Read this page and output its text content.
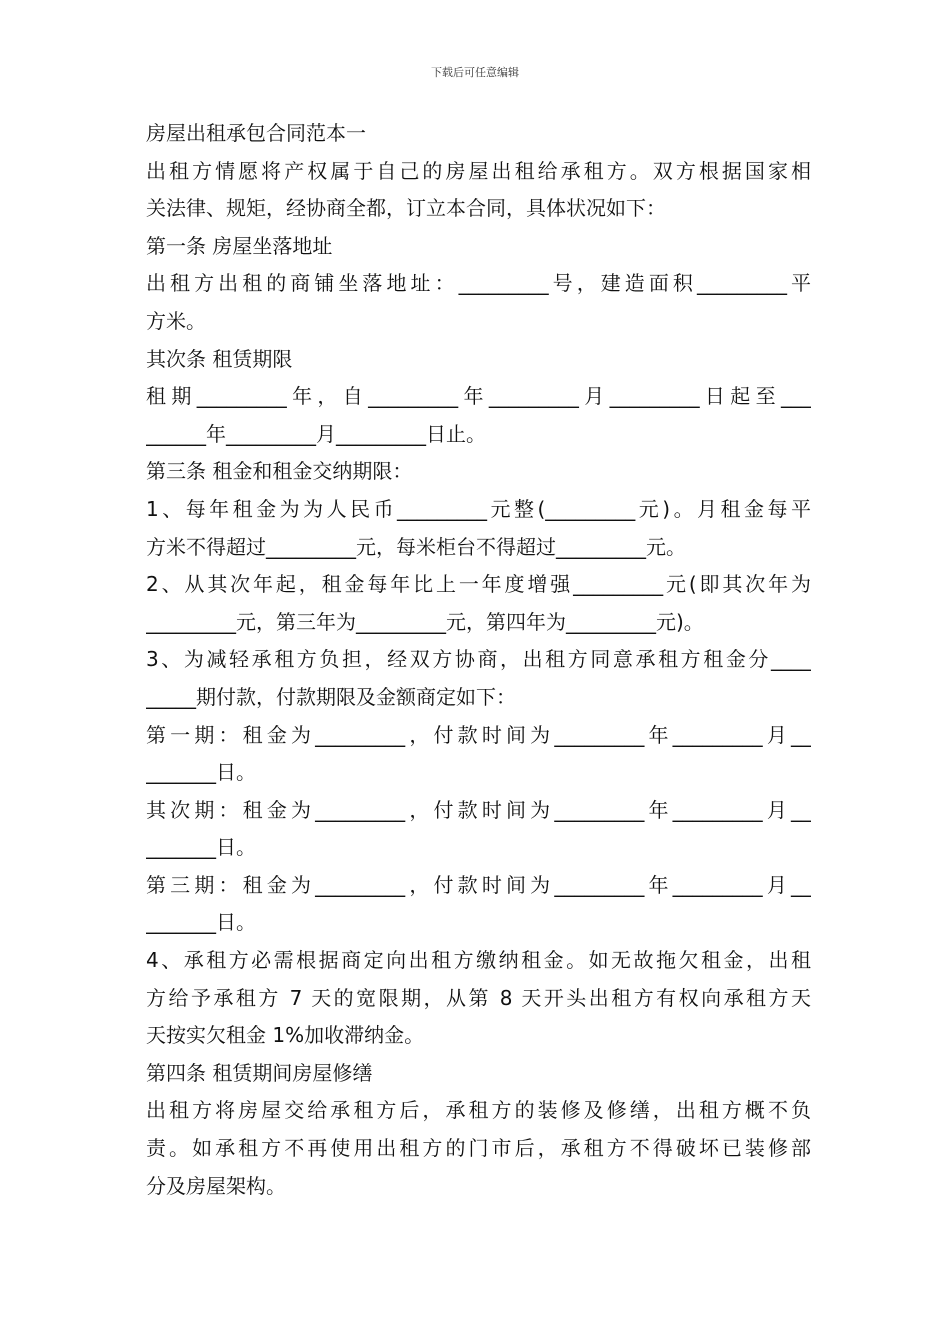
下载后可任意编辑
房屋出租承包合同范本一
出租方情愿将产权属于自己的房屋出租给承租方。双方根据国家相
关法律、规矩，经协商全都，订立本合同，具体状况如下：
第一条 房屋坐落地址
出租方出租的商铺坐落地址：_________号，建造面积_________平
方米。
其次条 租赁期限
租期_________年，自_________年_________月_________日起至___
______年_________月_________日止。
第三条 租金和租金交纳期限：
1、每年租金为为人民币_________元整(_________元)。月租金每平
方米不得超过_________元，每米柜台不得超过_________元。
2、从其次年起，租金每年比上一年度增强_________元(即其次年为
_________元，第三年为_________元，第四年为_________元)。
3、为减轻承租方负担，经双方协商，出租方同意承租方租金分____
_____期付款，付款期限及金额商定如下：
第一期：租金为_________，付款时间为_________年_________月__
_______日。
其次期：租金为_________，付款时间为_________年_________月__
_______日。
第三期：租金为_________，付款时间为_________年_________月__
_______日。
4、承租方必需根据商定向出租方缴纳租金。如无故拖欠租金，出租
方给予承租方 7 天的宽限期，从第 8 天开头出租方有权向承租方天
天按实欠租金 1%加收滞纳金。
第四条 租赁期间房屋修缮
出租方将房屋交给承租方后，承租方的装修及修缮，出租方概不负
责。如承租方不再使用出租方的门市后，承租方不得破坏已装修部
分及房屋架构。
